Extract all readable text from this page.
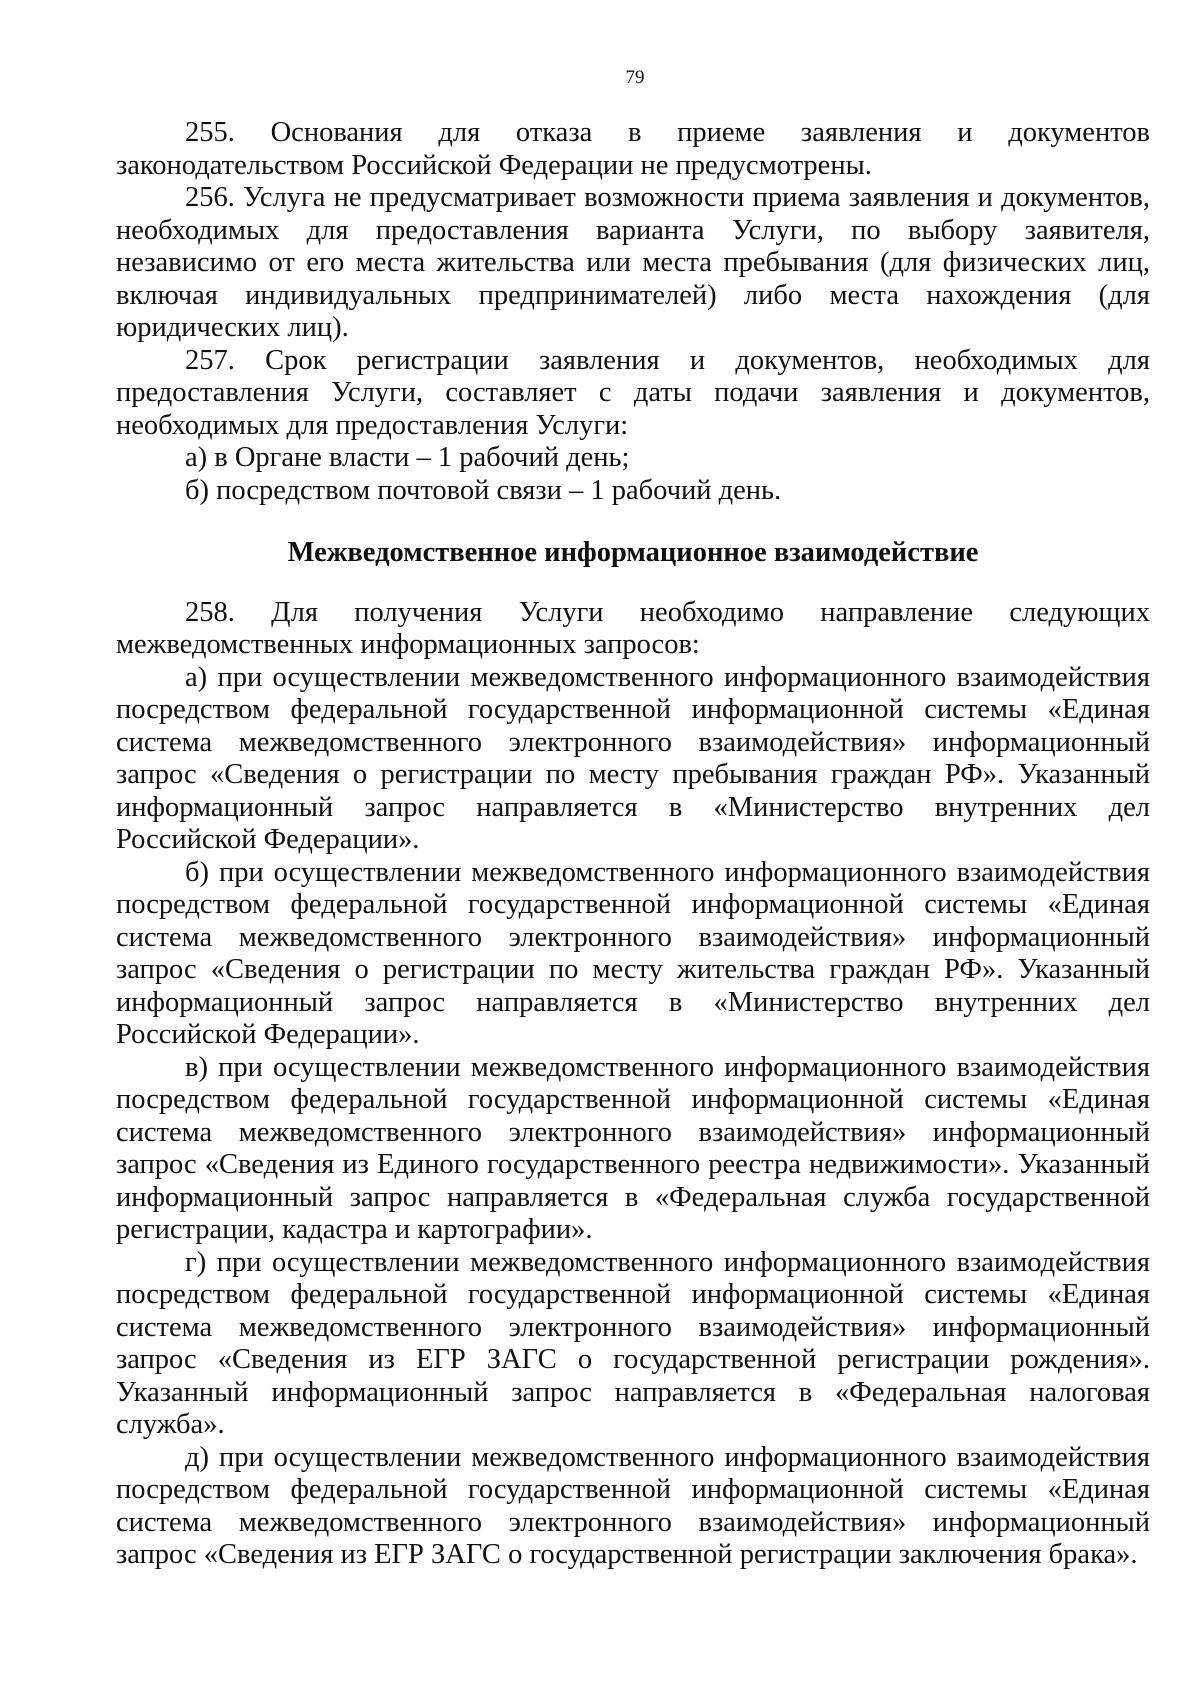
79

255. Основания для отказа в приеме заявления и документов законодательством Российской Федерации не предусмотрены.

256. Услуга не предусматривает возможности приема заявления и документов, необходимых для предоставления варианта Услуги, по выбору заявителя, независимо от его места жительства или места пребывания (для физических лиц, включая индивидуальных предпринимателей) либо места нахождения (для юридических лиц).

257. Срок регистрации заявления и документов, необходимых для предоставления Услуги, составляет с даты подачи заявления и документов, необходимых для предоставления Услуги:

а) в Органе власти – 1 рабочий день;

б) посредством почтовой связи – 1 рабочий день.

Межведомственное информационное взаимодействие

258. Для получения Услуги необходимо направление следующих межведомственных информационных запросов:

а) при осуществлении межведомственного информационного взаимодействия посредством федеральной государственной информационной системы «Единая система межведомственного электронного взаимодействия» информационный запрос «Сведения о регистрации по месту пребывания граждан РФ». Указанный информационный запрос направляется в «Министерство внутренних дел Российской Федерации».

б) при осуществлении межведомственного информационного взаимодействия посредством федеральной государственной информационной системы «Единая система межведомственного электронного взаимодействия» информационный запрос «Сведения о регистрации по месту жительства граждан РФ». Указанный информационный запрос направляется в «Министерство внутренних дел Российской Федерации».

в) при осуществлении межведомственного информационного взаимодействия посредством федеральной государственной информационной системы «Единая система межведомственного электронного взаимодействия» информационный запрос «Сведения из Единого государственного реестра недвижимости». Указанный информационный запрос направляется в «Федеральная служба государственной регистрации, кадастра и картографии».

г) при осуществлении межведомственного информационного взаимодействия посредством федеральной государственной информационной системы «Единая система межведомственного электронного взаимодействия» информационный запрос «Сведения из ЕГР ЗАГС о государственной регистрации рождения». Указанный информационный запрос направляется в «Федеральная налоговая служба».

д) при осуществлении межведомственного информационного взаимодействия посредством федеральной государственной информационной системы «Единая система межведомственного электронного взаимодействия» информационный запрос «Сведения из ЕГР ЗАГС о государственной регистрации заключения брака».
